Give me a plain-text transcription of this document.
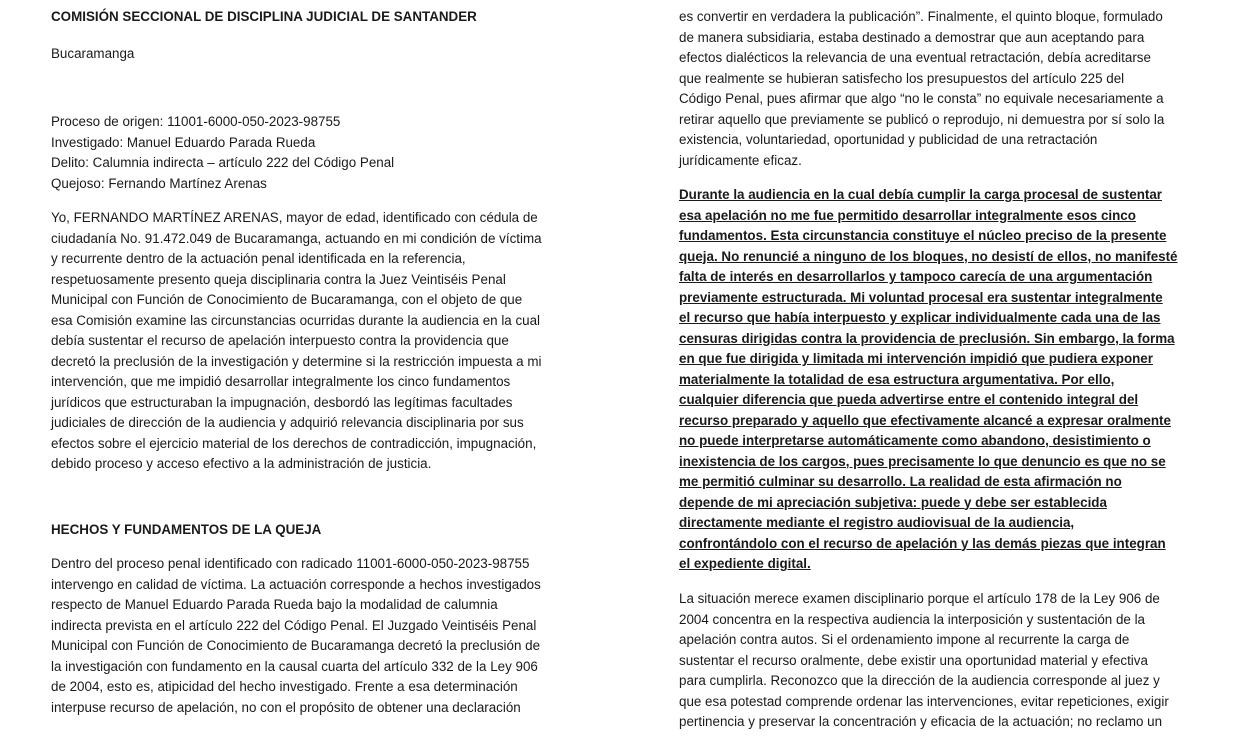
COMISIÓN SECCIONAL DE DISCIPLINA JUDICIAL DE SANTANDER

Bucaramanga

Proceso de origen: 11001-6000-050-2023-98755
Investigado: Manuel Eduardo Parada Rueda
Delito: Calumnia indirecta – artículo 222 del Código Penal
Quejoso: Fernando Martínez Arenas
Yo, FERNANDO MARTÍNEZ ARENAS, mayor de edad, identificado con cédula de
ciudadanía No. 91.472.049 de Bucaramanga, actuando en mi condición de víctima
y recurrente dentro de la actuación penal identificada en la referencia,
respetuosamente presento queja disciplinaria contra la Juez Veintiséis Penal
Municipal con Función de Conocimiento de Bucaramanga, con el objeto de que
esa Comisión examine las circunstancias ocurridas durante la audiencia en la cual
debía sustentar el recurso de apelación interpuesto contra la providencia que
decretó la preclusión de la investigación y determine si la restricción impuesta a mi
intervención, que me impidió desarrollar integralmente los cinco fundamentos
jurídicos que estructuraban la impugnación, desbordó las legítimas facultades
judiciales de dirección de la audiencia y adquirió relevancia disciplinaria por sus
efectos sobre el ejercicio material de los derechos de contradicción, impugnación,
debido proceso y acceso efectivo a la administración de justicia.

HECHOS Y FUNDAMENTOS DE LA QUEJA

Dentro del proceso penal identificado con radicado 11001-6000-050-2023-98755
intervengo en calidad de víctima. La actuación corresponde a hechos investigados
respecto de Manuel Eduardo Parada Rueda bajo la modalidad de calumnia
indirecta prevista en el artículo 222 del Código Penal. El Juzgado Veintiséis Penal
Municipal con Función de Conocimiento de Bucaramanga decretó la preclusión de
la investigación con fundamento en la causal cuarta del artículo 332 de la Ley 906
de 2004, esto es, atipicidad del hecho investigado. Frente a esa determinación
interpuse recurso de apelación, no con el propósito de obtener una declaración
es convertir en verdadera la publicación”. Finalmente, el quinto bloque, formulado
de manera subsidiaria, estaba destinado a demostrar que aun aceptando para
efectos dialécticos la relevancia de una eventual retractación, debía acreditarse
que realmente se hubieran satisfecho los presupuestos del artículo 225 del
Código Penal, pues afirmar que algo “no le consta” no equivale necesariamente a
retirar aquello que previamente se publicó o reprodujo, ni demuestra por sí solo la
existencia, voluntariedad, oportunidad y publicidad de una retractación
jurídicamente eficaz.
Durante la audiencia en la cual debía cumplir la carga procesal de sustentar
esa apelación no me fue permitido desarrollar integralmente esos cinco
fundamentos. Esta circunstancia constituye el núcleo preciso de la presente
queja. No renuncié a ninguno de los bloques, no desistí de ellos, no manifesté
falta de interés en desarrollarlos y tampoco carecía de una argumentación
previamente estructurada. Mi voluntad procesal era sustentar integralmente
el recurso que había interpuesto y explicar individualmente cada una de las
censuras dirigidas contra la providencia de preclusión. Sin embargo, la forma
en que fue dirigida y limitada mi intervención impidió que pudiera exponer
materialmente la totalidad de esa estructura argumentativa. Por ello,
cualquier diferencia que pueda advertirse entre el contenido integral del
recurso preparado y aquello que efectivamente alcancé a expresar oralmente
no puede interpretarse automáticamente como abandono, desistimiento o
inexistencia de los cargos, pues precisamente lo que denuncio es que no se
me permitió culminar su desarrollo. La realidad de esta afirmación no
depende de mi apreciación subjetiva: puede y debe ser establecida
directamente mediante el registro audiovisual de la audiencia,
confrontándolo con el recurso de apelación y las demás piezas que integran
el expediente digital.
La situación merece examen disciplinario porque el artículo 178 de la Ley 906 de
2004 concentra en la respectiva audiencia la interposición y sustentación de la
apelación contra autos. Si el ordenamiento impone al recurrente la carga de
sustentar el recurso oralmente, debe existir una oportunidad material y efectiva
para cumplirla. Reconozco que la dirección de la audiencia corresponde al juez y
que esa potestad comprende ordenar las intervenciones, evitar repeticiones, exigir
pertinencia y preservar la concentración y eficacia de la actuación; no reclamo un
